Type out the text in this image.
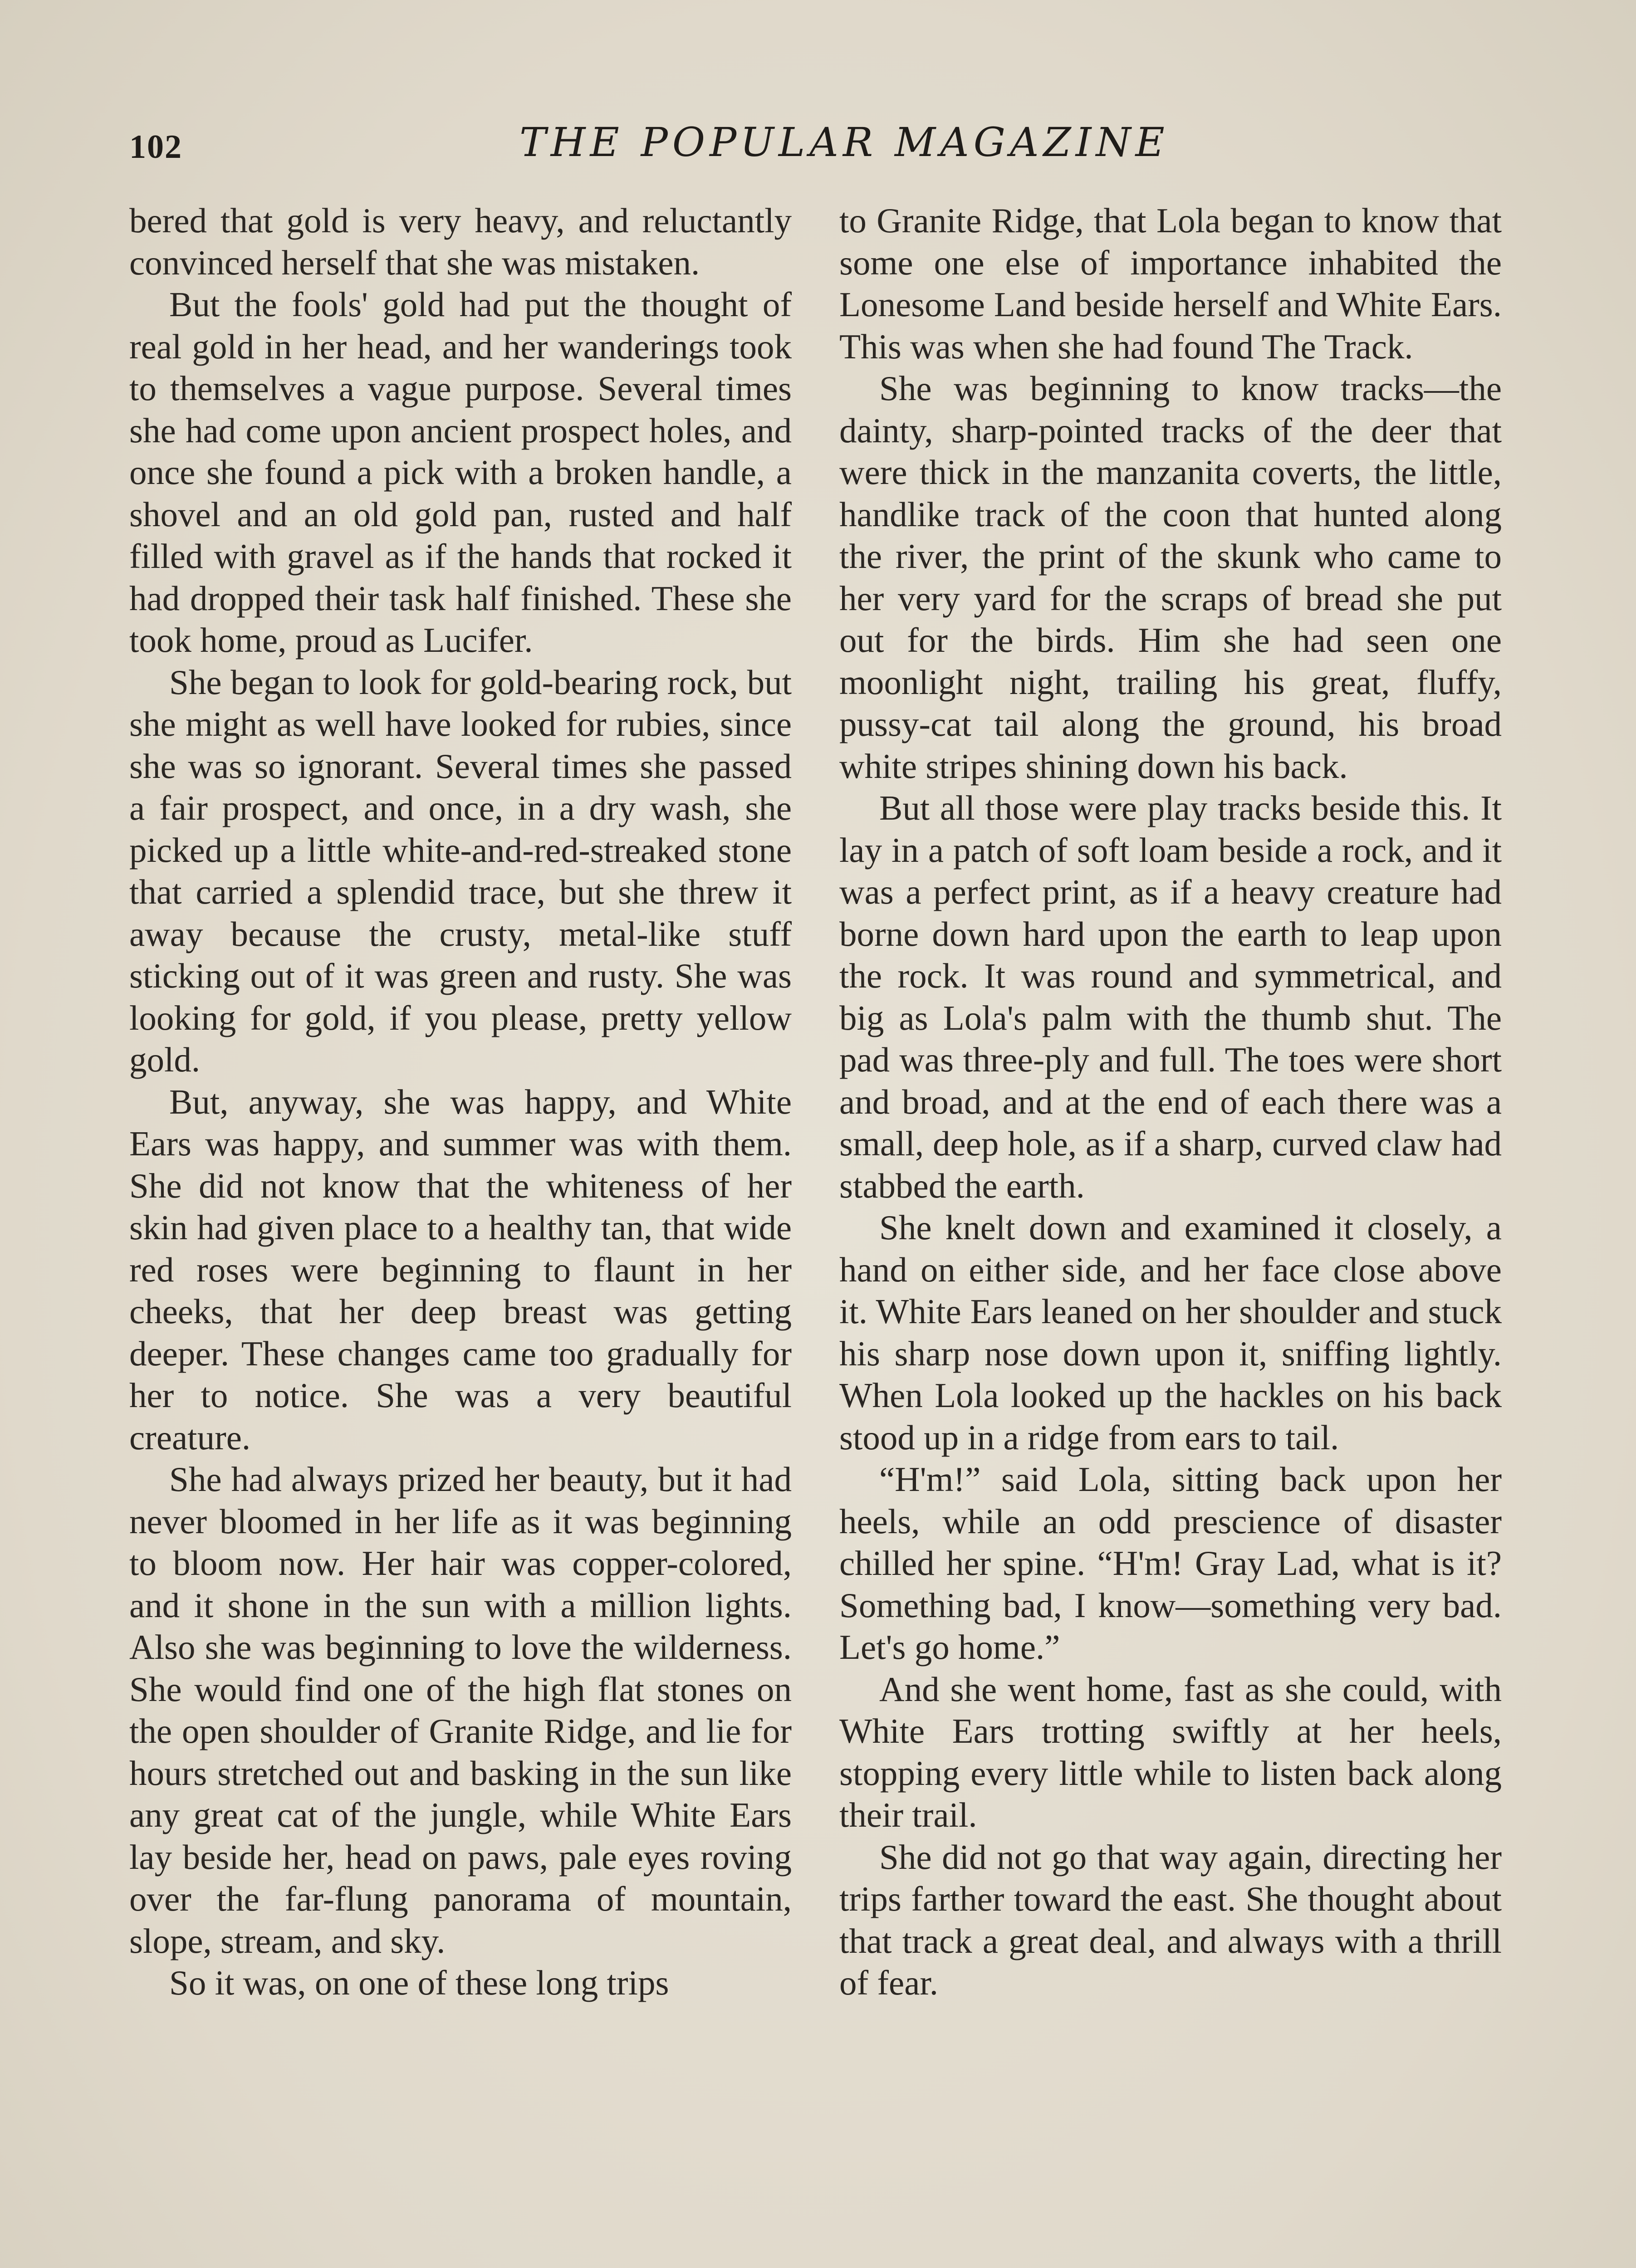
102	THE POPULAR MAGAZINE

bered that gold is very heavy, and reluctantly convinced herself that she was mistaken.

But the fools' gold had put the thought of real gold in her head, and her wanderings took to themselves a vague purpose. Several times she had come upon ancient prospect holes, and once she found a pick with a broken handle, a shovel and an old gold pan, rusted and half filled with gravel as if the hands that rocked it had dropped their task half finished. These she took home, proud as Lucifer.

She began to look for gold-bearing rock, but she might as well have looked for rubies, since she was so ignorant. Several times she passed a fair prospect, and once, in a dry wash, she picked up a little white-and-red-streaked stone that carried a splendid trace, but she threw it away because the crusty, metal-like stuff sticking out of it was green and rusty. She was looking for gold, if you please, pretty yellow gold.

But, anyway, she was happy, and White Ears was happy, and summer was with them. She did not know that the whiteness of her skin had given place to a healthy tan, that wide red roses were beginning to flaunt in her cheeks, that her deep breast was getting deeper. These changes came too gradually for her to notice. She was a very beautiful creature.

She had always prized her beauty, but it had never bloomed in her life as it was beginning to bloom now. Her hair was copper-colored, and it shone in the sun with a million lights. Also she was beginning to love the wilderness. She would find one of the high flat stones on the open shoulder of Granite Ridge, and lie for hours stretched out and basking in the sun like any great cat of the jungle, while White Ears lay beside her, head on paws, pale eyes roving over the far-flung panorama of mountain, slope, stream, and sky.

So it was, on one of these long trips

to Granite Ridge, that Lola began to know that some one else of importance inhabited the Lonesome Land beside herself and White Ears. This was when she had found The Track.

She was beginning to know tracks—the dainty, sharp-pointed tracks of the deer that were thick in the manzanita coverts, the little, handlike track of the coon that hunted along the river, the print of the skunk who came to her very yard for the scraps of bread she put out for the birds. Him she had seen one moonlight night, trailing his great, fluffy, pussy-cat tail along the ground, his broad white stripes shining down his back.

But all those were play tracks beside this. It lay in a patch of soft loam beside a rock, and it was a perfect print, as if a heavy creature had borne down hard upon the earth to leap upon the rock. It was round and symmetrical, and big as Lola's palm with the thumb shut. The pad was three-ply and full. The toes were short and broad, and at the end of each there was a small, deep hole, as if a sharp, curved claw had stabbed the earth.

She knelt down and examined it closely, a hand on either side, and her face close above it. White Ears leaned on her shoulder and stuck his sharp nose down upon it, sniffing lightly. When Lola looked up the hackles on his back stood up in a ridge from ears to tail.

“H'm!” said Lola, sitting back upon her heels, while an odd prescience of disaster chilled her spine. “H'm! Gray Lad, what is it? Something bad, I know—something very bad. Let's go home.”

And she went home, fast as she could, with White Ears trotting swiftly at her heels, stopping every little while to listen back along their trail.

She did not go that way again, directing her trips farther toward the east. She thought about that track a great deal, and always with a thrill of fear.
